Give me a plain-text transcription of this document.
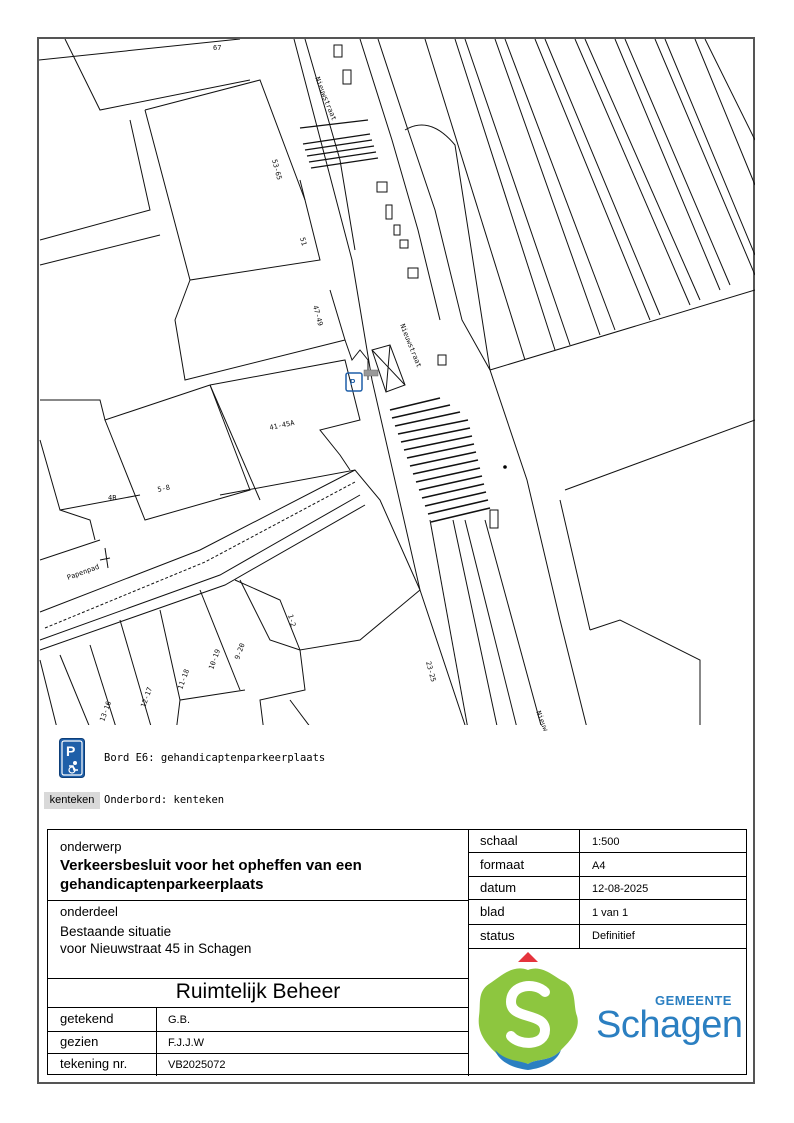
P
67
Nieuwstraat
53-65
51
47-49
Nieuwstraat
41-45A
5-8
4B
Papenpad
1-2
23-25
9-20
10-19
11-18
12-17
13-16	Nieuw
P	Bord E6: gehandicaptenparkeerplaats
kenteken Onderbord: kenteken
onderwerp
Verkeersbesluit voor het opheffen van een gehandicaptenparkeerplaats
onderdeel
Bestaande situatie
voor Nieuwstraat 45 in Schagen
Ruimtelijk Beheer
getekend	G.B.
gezien	F.J.J.W
tekening nr.	VB2025072
schaal	1:500
formaat	A4
datum	12-08-2025
blad	1 van 1
status	Definitief
GEMEENTE
Schagen
